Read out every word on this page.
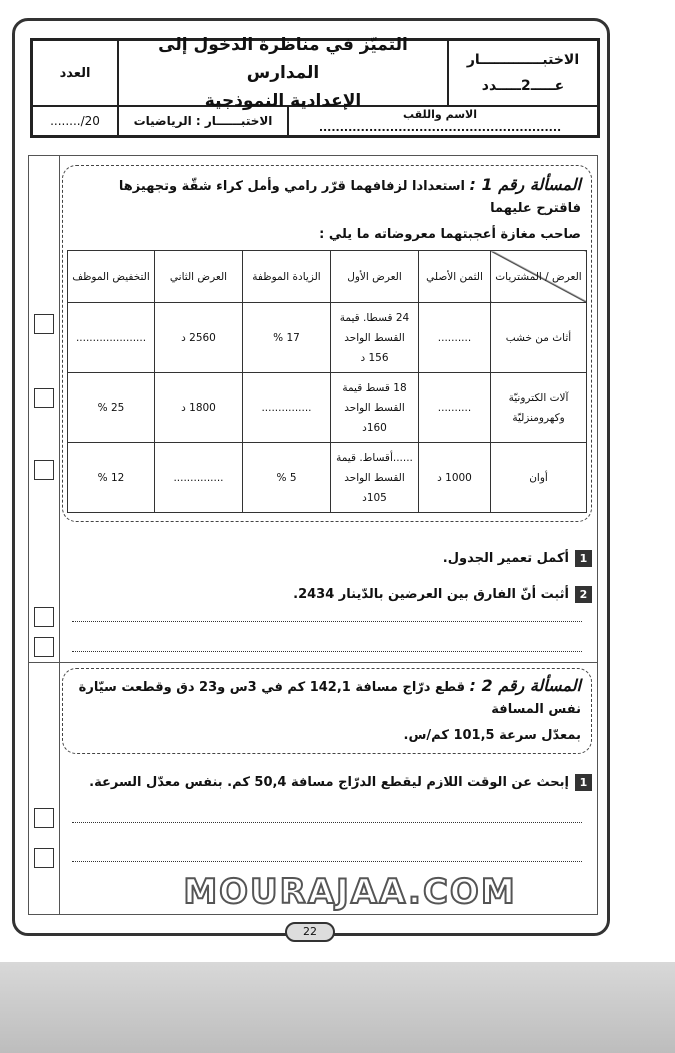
الاختبـــــــــــــار
عـــــ2ـــــدد
التميّز في مناظرة الدخول إلى المدارس
الإعدادية النموذجية
العدد
الاسم واللقب ..........................................................
الاختبــــــار : الرياضيات
20/........
المسألة رقم 1 : استعدادا لزفافهما قرّر رامي وأمل كراء شقّة وتجهيزها فاقترح عليهما
صاحب مغازة أعجبتهما معروضاته ما يلي :
العرض / المشتريات	الثمن الأصلي	العرض الأول	الزيادة الموظفة	العرض الثاني	التخفيض الموظف
أثاث من خشب	..........	24 قسطا. قيمة القسط الواحد 156 د	17 %	2560 د	.....................
آلات الكترونيّة وكهرومنزليّة	..........	18 قسط قيمة القسط الواحد 160د	...............	1800 د	25 %
أوان	1000 د	......أقساط. قيمة القسط الواحد 105د	5 %	...............	12 %
1أكمل تعمير الجدول.
2أثبت أنّ الفارق بين العرضين بالدّينار 2434.
المسألة رقم 2 : قطع درّاج مسافة 142,1 كم في 3س و23 دق وقطعت سيّارة نفس المسافة
بمعدّل سرعة 101,5 كم/س.
1إبحث عن الوقت اللازم ليقطع الدرّاج مسافة 50,4 كم. بنفس معدّل السرعة.
MOURAJAA.COM
22
